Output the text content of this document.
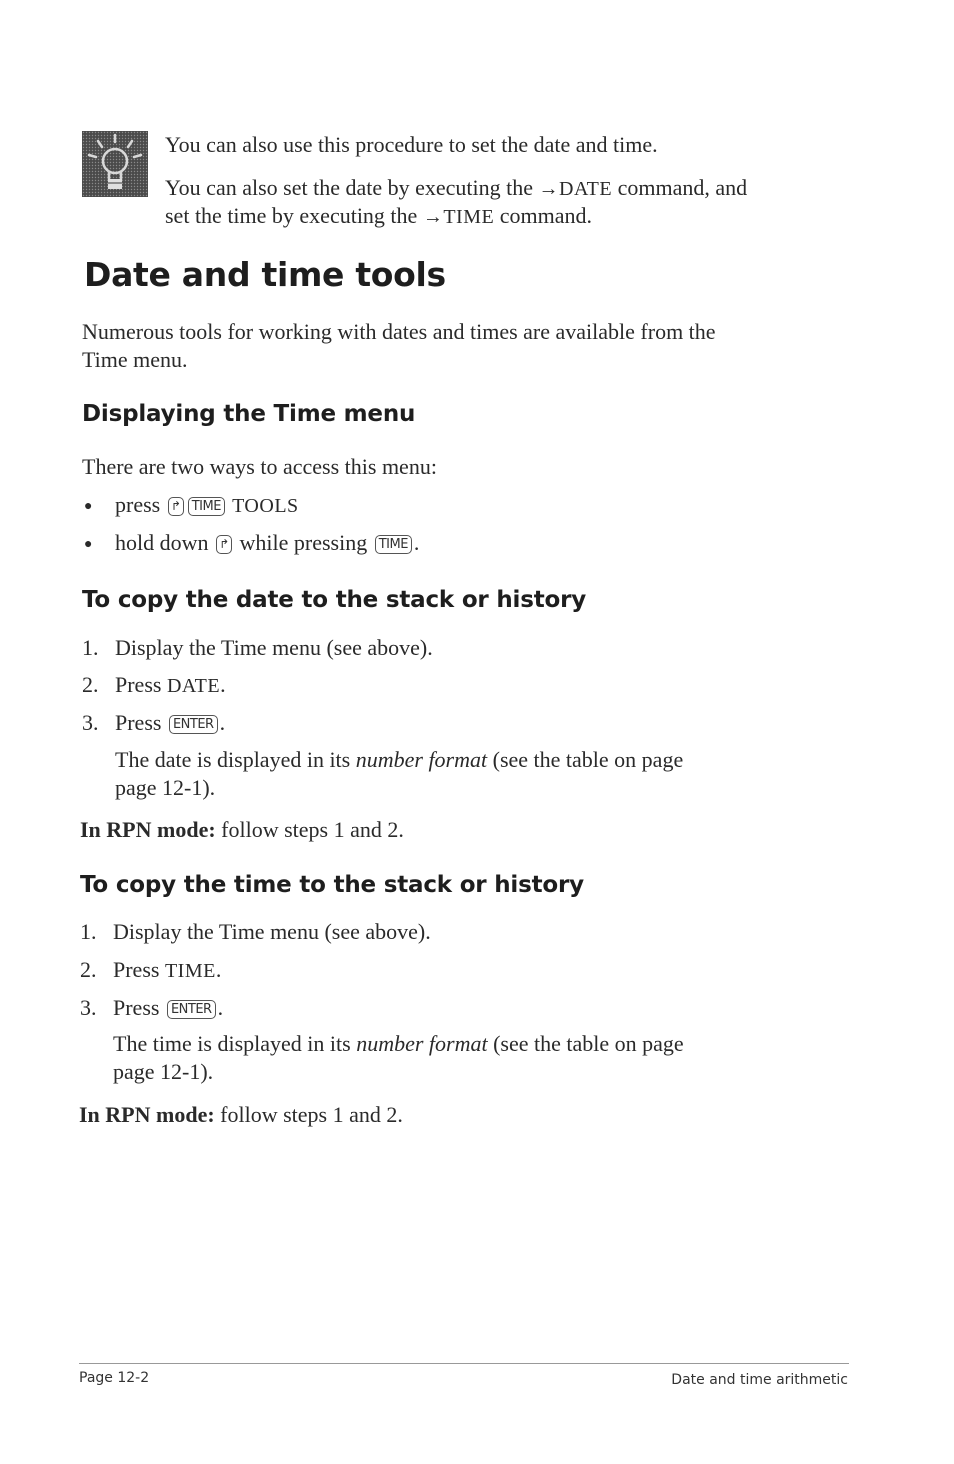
You can also use this procedure to set the date and time.
You can also set the date by executing the →DATE command, and
set the time by executing the →TIME command.
Date and time tools
Numerous tools for working with dates and times are available from the
Time menu.
Displaying the Time menu
There are two ways to access this menu:
● press ↱ TIME TOOLS
● hold down ↱ while pressing TIME .
To copy the date to the stack or history
1. Display the Time menu (see above).
2. Press DATE.
3. Press ENTER .
The date is displayed in its number format (see the table on page
page 12-1).
In RPN mode: follow steps 1 and 2.
To copy the time to the stack or history
1. Display the Time menu (see above).
2. Press TIME.
3. Press ENTER .
The time is displayed in its number format (see the table on page
page 12-1).
In RPN mode: follow steps 1 and 2.
Page 12-2	Date and time arithmetic
